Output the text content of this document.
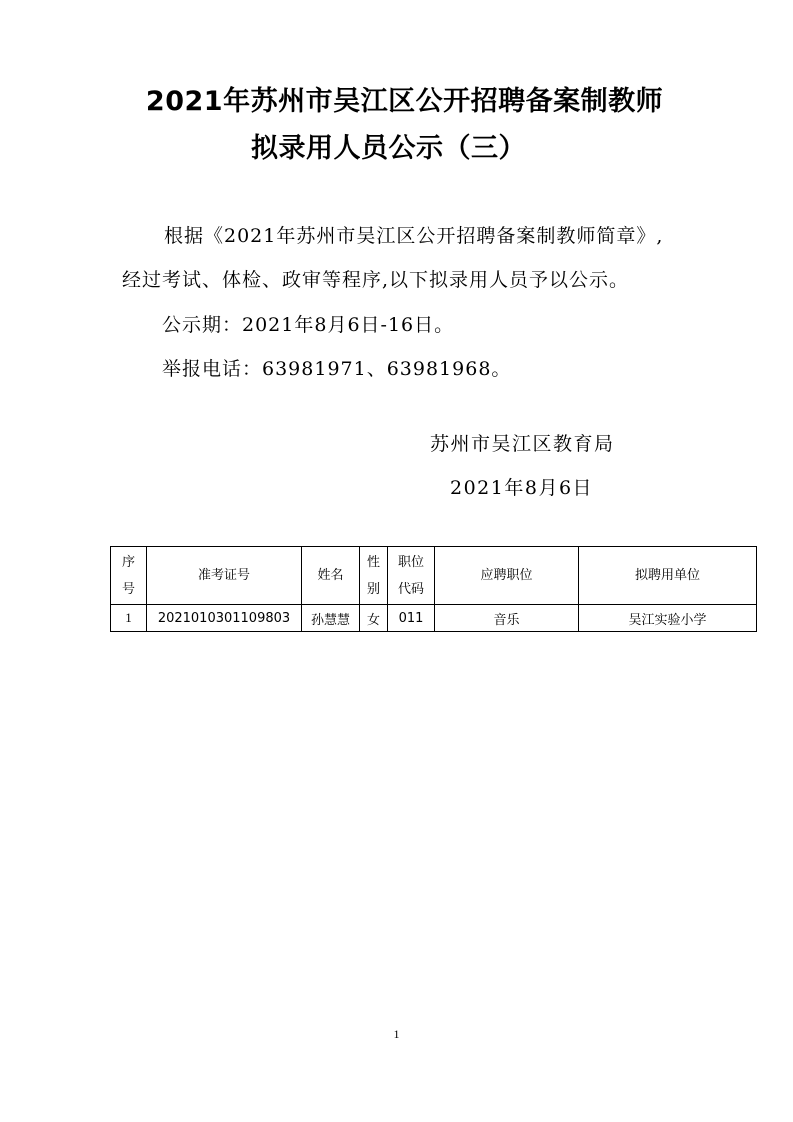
2021年苏州市吴江区公开招聘备案制教师
拟录用人员公示（三）
根据《2021年苏州市吴江区公开招聘备案制教师简章》,
经过考试、体检、政审等程序,以下拟录用人员予以公示。
公示期：2021年8月6日-16日。
举报电话：63981971、63981968。
苏州市吴江区教育局
2021年8月6日
序号	准考证号	姓名	性别	职位代码	应聘职位	拟聘用单位
1	2021010301109803	孙慧慧	女	011	音乐	吴江实验小学
1
